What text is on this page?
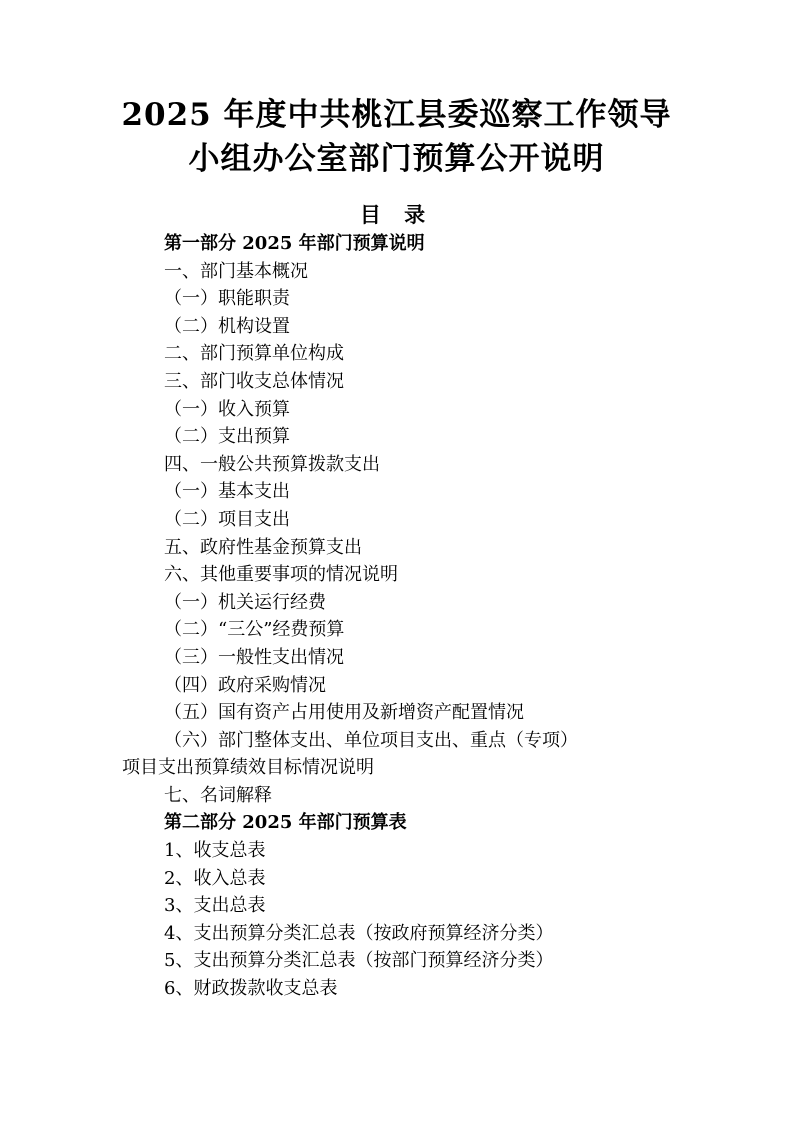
2025 年度中共桃江县委巡察工作领导
小组办公室部门预算公开说明
目 录
第一部分 2025 年部门预算说明
一、部门基本概况
（一）职能职责
（二）机构设置
二、部门预算单位构成
三、部门收支总体情况
（一）收入预算
（二）支出预算
四、一般公共预算拨款支出
（一）基本支出
（二）项目支出
五、政府性基金预算支出
六、其他重要事项的情况说明
（一）机关运行经费
（二）“三公”经费预算
（三）一般性支出情况
（四）政府采购情况
（五）国有资产占用使用及新增资产配置情况
（六）部门整体支出、单位项目支出、重点（专项）
项目支出预算绩效目标情况说明
七、名词解释
第二部分 2025 年部门预算表
1、收支总表
2、收入总表
3、支出总表
4、支出预算分类汇总表（按政府预算经济分类）
5、支出预算分类汇总表（按部门预算经济分类）
6、财政拨款收支总表
